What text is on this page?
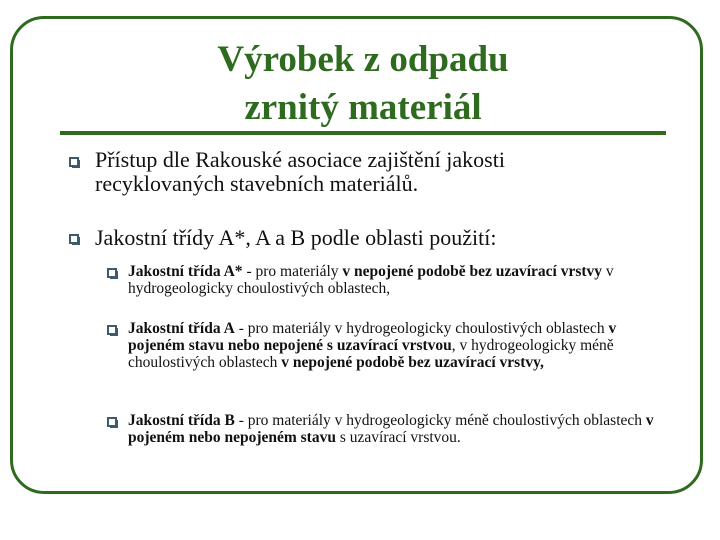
Výrobek z odpadu
zrnitý materiál
Přístup dle Rakouské asociace zajištění jakosti
recyklovaných stavebních materiálů.
Jakostní třídy A*, A a B podle oblasti použití:
Jakostní třída A* - pro materiály v nepojené podobě bez uzavírací vrstvy v hydrogeologicky choulostivých oblastech,
Jakostní třída A - pro materiály v hydrogeologicky choulostivých oblastech v pojeném stavu nebo nepojené s uzavírací vrstvou, v hydrogeologicky méně choulostivých oblastech v nepojené podobě bez uzavírací vrstvy,
Jakostní třída B - pro materiály v hydrogeologicky méně choulostivých oblastech v pojeném nebo nepojeném stavu s uzavírací vrstvou.
